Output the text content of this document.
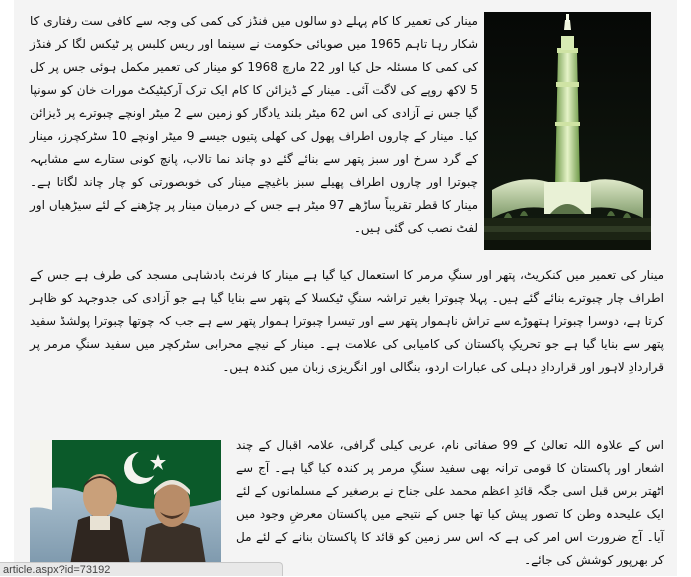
مینار کی تعمیر کا کام پہلے دو سالوں میں فنڈز کی کمی کی وجہ سے کافی ست رفتاری کا شکار رہا تاہم 1965 میں صوبائی حکومت نے سینما اور ریس کلبس پر ٹیکس لگا کر فنڈز کی کمی کا مسئلہ حل کیا اور 22 مارچ 1968 کو مینار کی تعمیر مکمل ہوئی جس پر کل 5 لاکھ روپے کی لاگت آئی۔ مینار کے ڈیزائن کا کام ایک ترک آرکیٹیکٹ مورات خان کو سونپا گیا جس نے آزادی کی اس 62 میٹر بلند یادگار کو زمین سے 2 میٹر اونچے چبوترے پر ڈیزائن کیا۔ مینار کے چاروں اطراف پھول کی کھلی پتیوں جیسے 9 میٹر اونچے 10 سٹرکچرز، مینار کے گرد سرخ اور سبز پتھر سے بنائے گئے دو چاند نما تالاب، پانچ کونی ستارے سے مشابہہ چبوترا اور چاروں اطراف پھیلے سبز باغیچے مینار کی خوبصورتی کو چار چاند لگاتا ہے۔ مینار کا قطر تقریباً ساڑھے 97 میٹر ہے جس کے درمیان مینار پر چڑھنے کے لئے سیڑھیاں اور لفٹ نصب کی گئی ہیں۔

مینار کی تعمیر میں کنکریٹ، پتھر اور سنگِ مرمر کا استعمال کیا گیا ہے مینار کا فرنٹ بادشاہی مسجد کی طرف ہے جس کے اطراف چار چبوترے بنائے گئے ہیں۔ پہلا چبوترا بغیر تراشہ سنگِ ٹیکسلا کے پتھر سے بنایا گیا ہے جو آزادی کی جدوجہد کو ظاہر کرتا ہے، دوسرا چبوترا ہتھوڑے سے تراش ناہموار پتھر سے اور تیسرا چبوترا ہموار پتھر سے ہے جب کہ چوتھا چبوترا پولشڈ سفید پتھر سے بنایا گیا ہے جو تحریکِ پاکستان کی کامیابی کی علامت ہے۔ مینار کے نیچے محرابی سٹرکچر میں سفید سنگِ مرمر پر قراردادِ لاہور اور قراردادِ دہلی کی عبارات اردو، بنگالی اور انگریزی زبان میں کندہ ہیں۔

اس کے علاوہ اللہ تعالیٰ کے 99 صفاتی نام، عربی کیلی گرافی، علامہ اقبال کے چند اشعار اور پاکستان کا قومی ترانہ بھی سفید سنگِ مرمر پر کندہ کیا گیا ہے۔ آج سے اٹھتر برس قبل اسی جگہ قائدِ اعظم محمد علی جناح نے برصغیر کے مسلمانوں کے لئے ایک علیحدہ وطن کا تصور پیش کیا تھا جس کے نتیجے میں پاکستان معرضِ وجود میں آیا۔ آج ضرورت اس امر کی ہے کہ اس سر زمین کو قائد کا پاکستان بنانے کے لئے مل کر بھرپور کوشش کی جائے۔

article.aspx?id=73192
